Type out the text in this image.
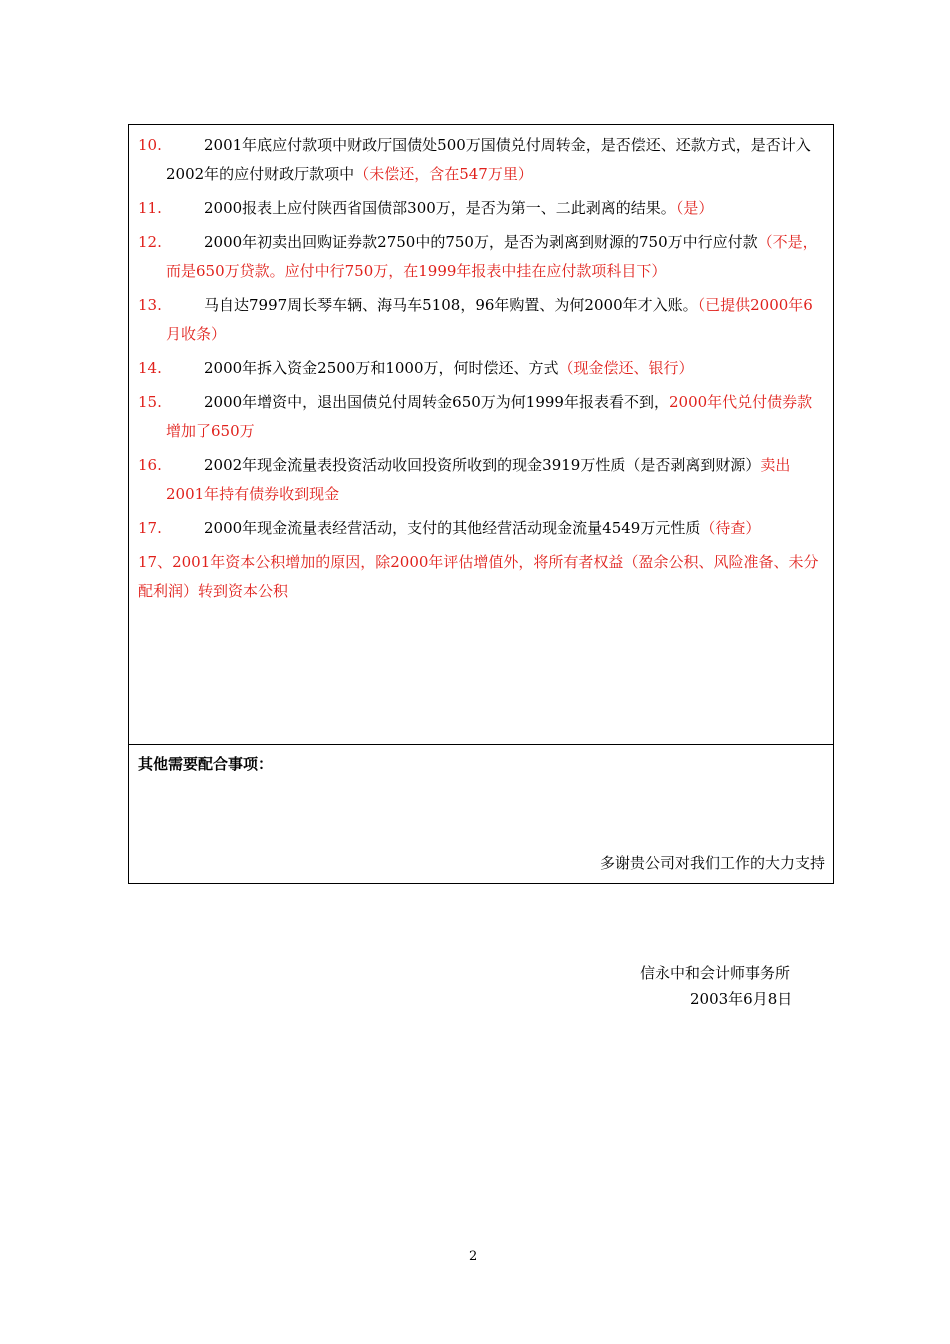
10.	2001年底应付款项中财政厅国债处500万国债兑付周转金，是否偿还、还款方式，是否计入2002年的应付财政厅款项中（未偿还，含在547万里）
11.	2000报表上应付陕西省国债部300万，是否为第一、二此剥离的结果。（是）
12.	2000年初卖出回购证券款2750中的750万，是否为剥离到财源的750万中行应付款（不是，而是650万贷款。应付中行750万，在1999年报表中挂在应付款项科目下）
13.	马自达7997周长琴车辆、海马车5108，96年购置、为何2000年才入账。（已提供2000年6月收条）
14.	2000年拆入资金2500万和1000万，何时偿还、方式（现金偿还、银行）
15.	2000年增资中，退出国债兑付周转金650万为何1999年报表看不到，2000年代兑付债券款增加了650万
16.	2002年现金流量表投资活动收回投资所收到的现金3919万性质（是否剥离到财源）卖出2001年持有债券收到现金
17.	2000年现金流量表经营活动，支付的其他经营活动现金流量4549万元性质（待查）
17、2001年资本公积增加的原因，除2000年评估增值外，将所有者权益（盈余公积、风险准备、未分配利润）转到资本公积
其他需要配合事项：
多谢贵公司对我们工作的大力支持
信永中和会计师事务所
2003年6月8日
2
